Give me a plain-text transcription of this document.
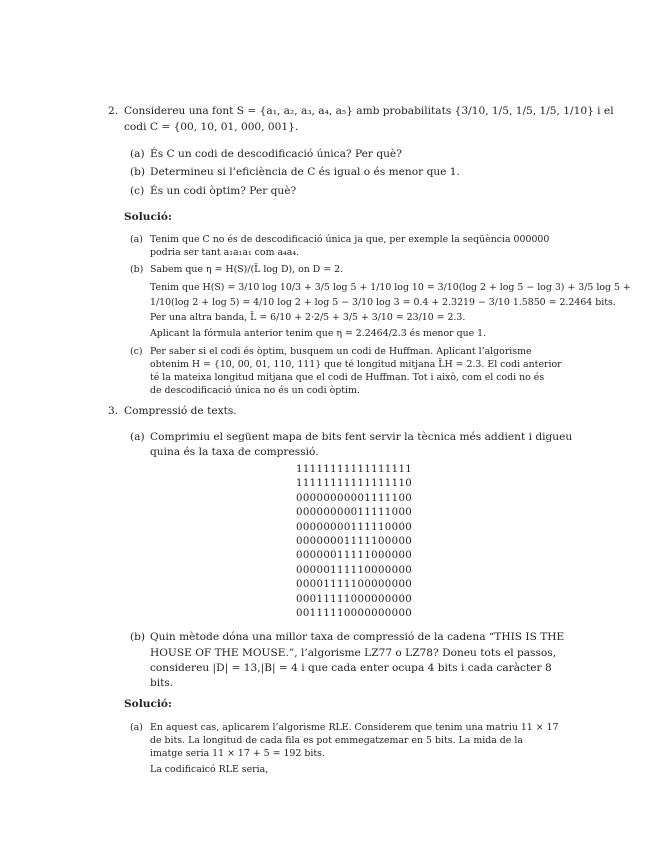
2. Considereu una font S = {a₁, a₂, a₃, a₄, a₅} amb probabilitats {3/10, 1/5, 1/5, 1/5, 1/10} i el
codi C = {00, 10, 01, 000, 001}.
(a) És C un codi de descodificació única? Per què?
(b) Determineu si l’eficiència de C és igual o és menor que 1.
(c) És un codi òptim? Per què?
Solució:
(a) Tenim que C no és de descodificació única ja que, per exemple la seqüència 000000
podria ser tant a₁a₁a₁ com a₄a₄.
(b) Sabem que η = H(S)/(L̄ log D), on D = 2.
Tenim que H(S) = 3/10 log 10/3 + 3/5 log 5 + 1/10 log 10 = 3/10(log 2 + log 5 − log 3) + 3/5 log 5 +
1/10(log 2 + log 5) = 4/10 log 2 + log 5 − 3/10 log 3 = 0.4 + 2.3219 − 3/10 1.5850 = 2.2464 bits.
Per una altra banda, L̄ = 6/10 + 2·2/5 + 3/5 + 3/10 = 23/10 = 2.3.
Aplicant la fórmula anterior tenim que η = 2.2464/2.3 és menor que 1.
(c) Per saber si el codi és òptim, busquem un codi de Huffman. Aplicant l’algorisme
obtenim H = {10, 00, 01, 110, 111} que té longitud mitjana L̄H = 2.3. El codi anterior
té la mateixa longitud mitjana que el codi de Huffman. Tot i això, com el codi no és
de descodificació única no és un codi òptim.
3. Compressió de texts.
(a) Comprimiu el següent mapa de bits fent servir la tècnica més addient i digueu
quina és la taxa de compressió.
11111111111111111
11111111111111110
00000000001111100
00000000011111000
00000000111110000
00000001111100000
00000011111000000
00000111110000000
00001111100000000
00011111000000000
00111110000000000
(b) Quin mètode dóna una millor taxa de compressió de la cadena “THIS IS THE
HOUSE OF THE MOUSE.”, l’algorisme LZ77 o LZ78? Doneu tots el passos,
considereu |D| = 13,|B| = 4 i que cada enter ocupa 4 bits i cada caràcter 8
bits.
Solució:
(a) En aquest cas, aplicarem l’algorisme RLE. Considerem que tenim una matriu 11 × 17
de bits. La longitud de cada fila es pot emmegatzemar en 5 bits. La mida de la
imatge seria 11 × 17 + 5 = 192 bits.
La codificaicó RLE seria,
